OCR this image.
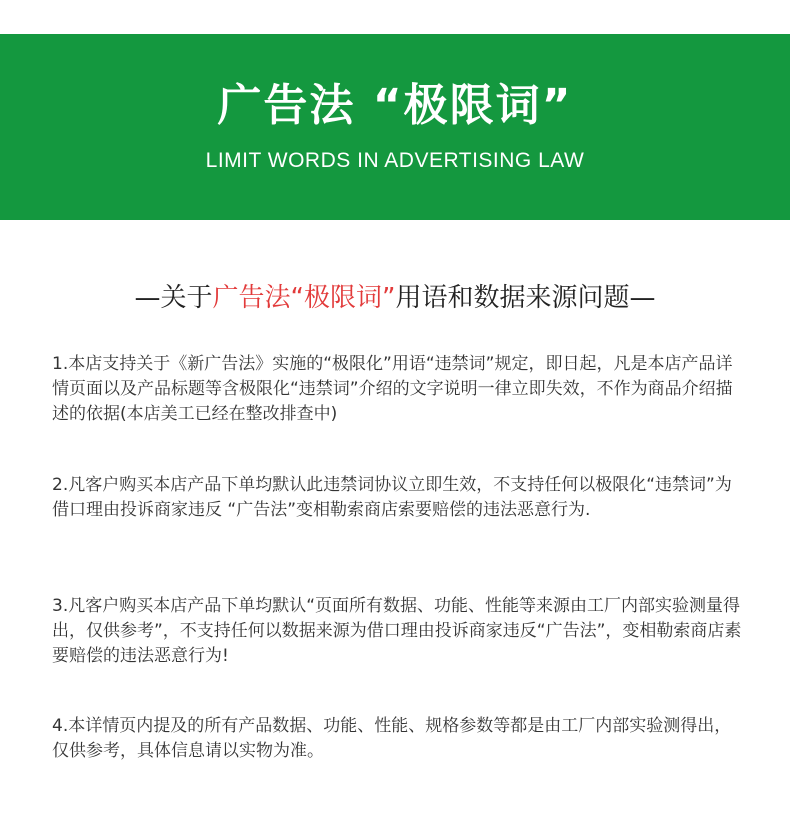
广告法 “极限词”
LIMIT WORDS IN ADVERTISING LAW
—关于广告法“极限词”用语和数据来源问题—
1.本店支持关于《新广告法》实施的“极限化”用语“违禁词”规定，即日起，凡是本店产品详情页面以及产品标题等含极限化“违禁词”介绍的文字说明一律立即失效，不作为商品介绍描述的依据(本店美工已经在整改排查中)
2.凡客户购买本店产品下单均默认此违禁词协议立即生效，不支持任何以极限化“违禁词”为借口理由投诉商家违反 “广告法”变相勒索商店索要赔偿的违法恶意行为.
3.凡客户购买本店产品下单均默认“页面所有数据、功能、性能等来源由工厂内部实验测量得出，仅供参考”，不支持任何以数据来源为借口理由投诉商家违反“广告法”，变相勒索商店素要赔偿的违法恶意行为!
4.本详情页内提及的所有产品数据、功能、性能、规格参数等都是由工厂内部实验测得出，仅供参考，具体信息请以实物为准。
